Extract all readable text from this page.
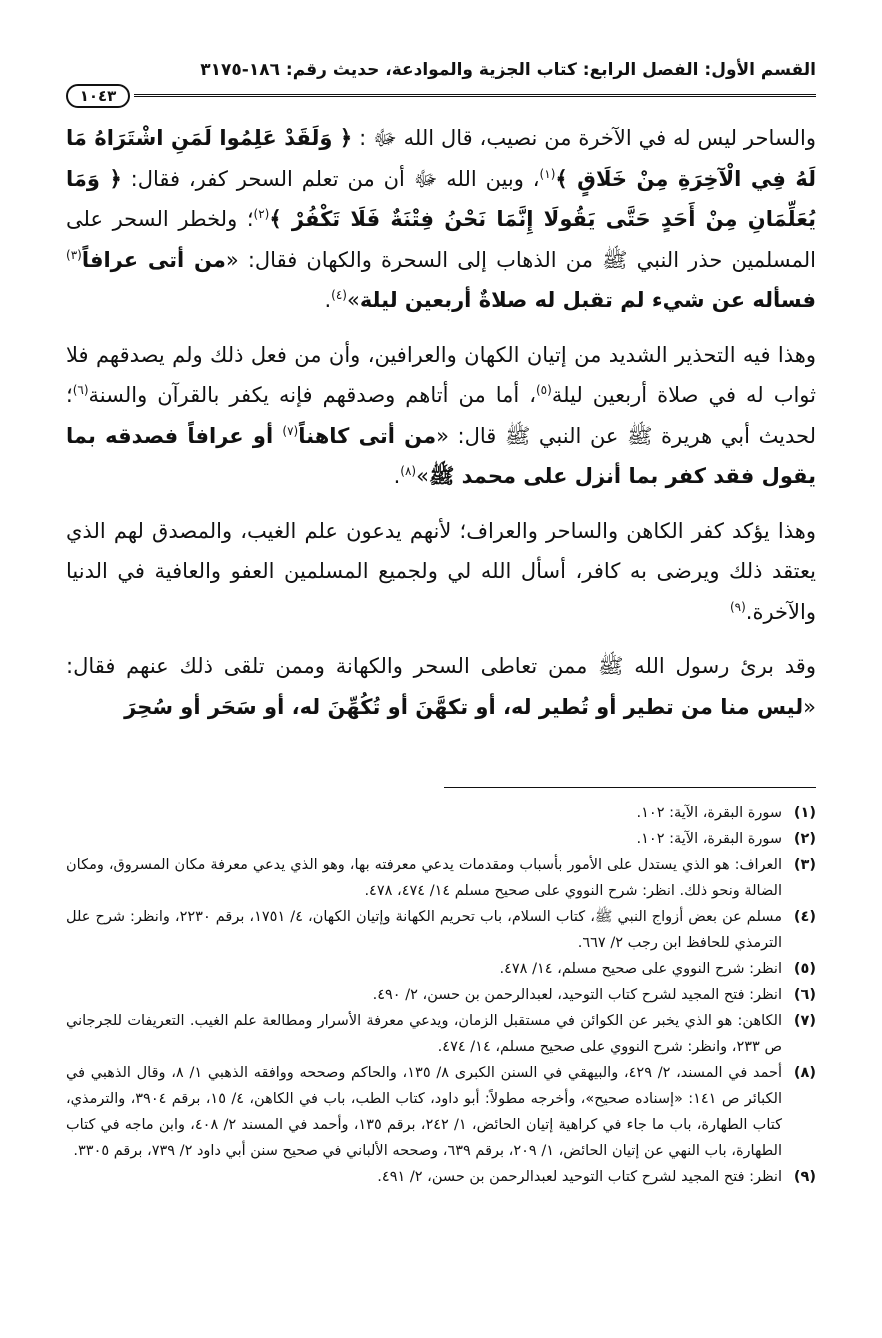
القسم الأول: الفصل الرابع: كتاب الجزية والموادعة، حديث رقم: ١٨٦-٣١٧٥
١٠٤٣

والساحر ليس له في الآخرة من نصيب، قال الله ﷻ : ﴿ وَلَقَدْ عَلِمُوا لَمَنِ اشْتَرَاهُ مَا لَهُ فِي الْآخِرَةِ مِنْ خَلَاقٍ ﴾$^{(١)}$، وبين الله ﷻ أن من تعلم السحر كفر، فقال: ﴿ وَمَا يُعَلِّمَانِ مِنْ أَحَدٍ حَتَّى يَقُولَا إِنَّمَا نَحْنُ فِتْنَةٌ فَلَا تَكْفُرْ ﴾$^{(٢)}$؛ ولخطر السحر على المسلمين حذر النبي ﷺ من الذهاب إلى السحرة والكهان فقال: «من أتى عرافاً$^{(٣)}$ فسأله عن شيء لم تقبل له صلاةٌ أربعين ليلة»$^{(٤)}$.

وهذا فيه التحذير الشديد من إتيان الكهان والعرافين، وأن من فعل ذلك ولم يصدقهم فلا ثواب له في صلاة أربعين ليلة$^{(٥)}$، أما من أتاهم وصدقهم فإنه يكفر بالقرآن والسنة$^{(٦)}$؛ لحديث أبي هريرة ﷺ عن النبي ﷺ قال: «من أتى كاهناً$^{(٧)}$ أو عرافاً فصدقه بما يقول فقد كفر بما أنزل على محمد ﷺ»$^{(٨)}$.

وهذا يؤكد كفر الكاهن والساحر والعراف؛ لأنهم يدعون علم الغيب، والمصدق لهم الذي يعتقد ذلك ويرضى به كافر، أسأل الله لي ولجميع المسلمين العفو والعافية في الدنيا والآخرة.$^{(٩)}$

وقد برئ رسول الله ﷺ ممن تعاطى السحر والكهانة وممن تلقى ذلك عنهم فقال: «ليس منا من تطير أو تُطير له، أو تكهَّنَ أو تُكُهِّنَ له، أو سَحَر أو سُحِرَ

(١)
سورة البقرة، الآية: ١٠٢.
(٢)
سورة البقرة، الآية: ١٠٢.
(٣)
العراف: هو الذي يستدل على الأمور بأسباب ومقدمات يدعي معرفته بها، وهو الذي يدعي معرفة مكان المسروق، ومكان الضالة ونحو ذلك. انظر: شرح النووي على صحيح مسلم ١٤/ ٤٧٤، ٤٧٨.
(٤)
مسلم عن بعض أزواج النبي ﷺ، كتاب السلام، باب تحريم الكهانة وإتيان الكهان، ٤/ ١٧٥١، برقم ٢٢٣٠، وانظر: شرح علل الترمذي للحافظ ابن رجب ٢/ ٦٦٧.
(٥)
انظر: شرح النووي على صحيح مسلم، ١٤/ ٤٧٨.
(٦)
انظر: فتح المجيد لشرح كتاب التوحيد، لعبدالرحمن بن حسن، ٢/ ٤٩٠.
(٧)
الكاهن: هو الذي يخبر عن الكوائن في مستقبل الزمان، ويدعي معرفة الأسرار ومطالعة علم الغيب. التعريفات للجرجاني ص ٢٣٣، وانظر: شرح النووي على صحيح مسلم، ١٤/ ٤٧٤.
(٨)
أحمد في المسند، ٢/ ٤٢٩، والبيهقي في السنن الكبرى ٨/ ١٣٥، والحاكم وصححه ووافقه الذهبي ١/ ٨، وقال الذهبي في الكبائر ص ١٤١: «إسناده صحيح»، وأخرجه مطولاً: أبو داود، كتاب الطب، باب في الكاهن، ٤/ ١٥، برقم ٣٩٠٤، والترمذي، كتاب الطهارة، باب ما جاء في كراهية إتيان الحائض، ١/ ٢٤٢، برقم ١٣٥، وأحمد في المسند ٢/ ٤٠٨، وابن ماجه في كتاب الطهارة، باب النهي عن إتيان الحائض، ١/ ٢٠٩، برقم ٦٣٩، وصححه الألباني في صحيح سنن أبي داود ٢/ ٧٣٩، برقم ٣٣٠٥.
(٩)
انظر: فتح المجيد لشرح كتاب التوحيد لعبدالرحمن بن حسن، ٢/ ٤٩١.
